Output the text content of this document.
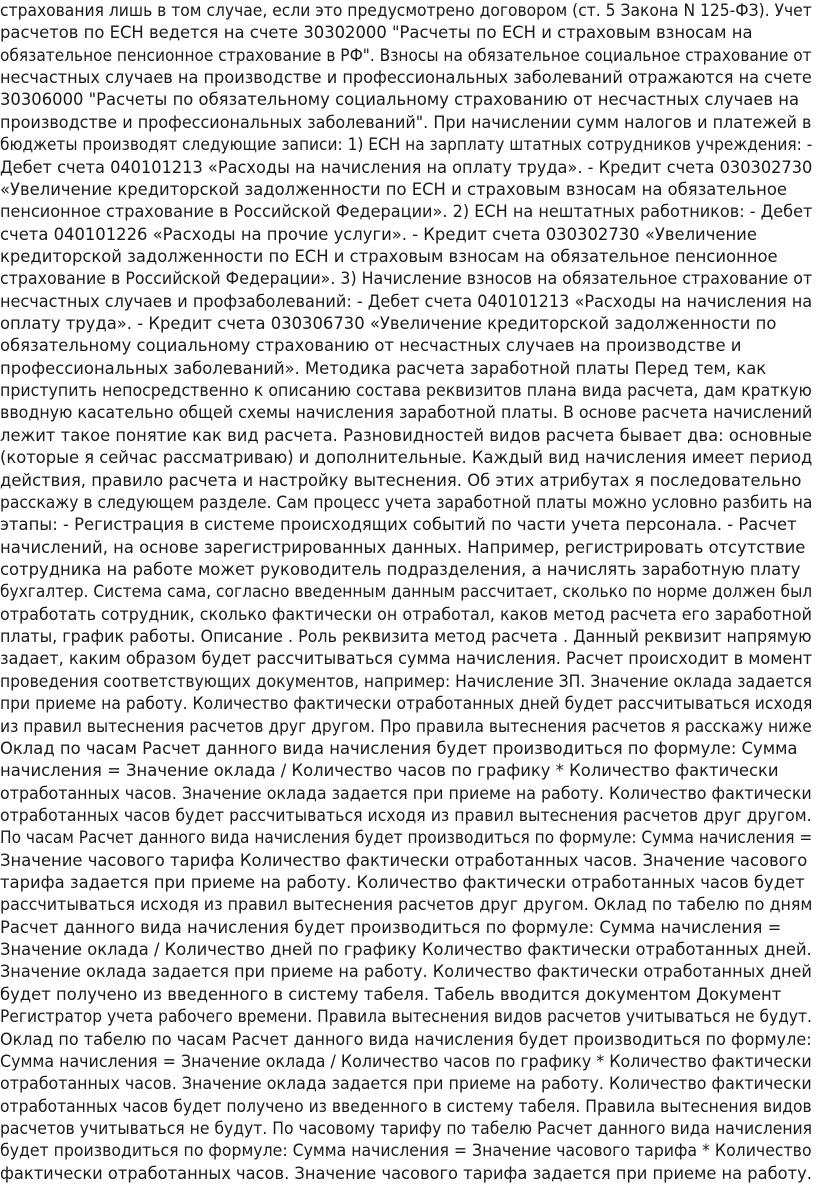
страхования лишь в том случае, если это предусмотрено договором (ст. 5 Закона N 125-ФЗ). Учет
расчетов по ЕСН ведется на счете 30302000 "Расчеты по ЕСН и страховым взносам на
обязательное пенсионное страхование в РФ". Взносы на обязательное социальное страхование от
несчастных случаев на производстве и профессиональных заболеваний отражаются на счете
30306000 "Расчеты по обязательному социальному страхованию от несчастных случаев на
производстве и профессиональных заболеваний". При начислении сумм налогов и платежей в
бюджеты производят следующие записи: 1) ЕСН на зарплату штатных сотрудников учреждения: -
Дебет счета 040101213 «Расходы на начисления на оплату труда». - Кредит счета 030302730
«Увеличение кредиторской задолженности по ЕСН и страховым взносам на обязательное
пенсионное страхование в Российской Федерации». 2) ЕСН на нештатных работников: - Дебет
счета 040101226 «Расходы на прочие услуги». - Кредит счета 030302730 «Увеличение
кредиторской задолженности по ЕСН и страховым взносам на обязательное пенсионное
страхование в Российской Федерации». 3) Начисление взносов на обязательное страхование от
несчастных случаев и профзаболеваний: - Дебет счета 040101213 «Расходы на начисления на
оплату труда». - Кредит счета 030306730 «Увеличение кредиторской задолженности по
обязательному социальному страхованию от несчастных случаев на производстве и
профессиональных заболеваний». Методика расчета заработной платы Перед тем, как
приступить непосредственно к описанию состава реквизитов плана вида расчета, дам краткую
вводную касательно общей схемы начисления заработной платы. В основе расчета начислений
лежит такое понятие как вид расчета. Разновидностей видов расчета бывает два: основные
(которые я сейчас рассматриваю) и дополнительные. Каждый вид начисления имеет период
действия, правило расчета и настройку вытеснения. Об этих атрибутах я последовательно
расскажу в следующем разделе. Сам процесс учета заработной платы можно условно разбить на
этапы: - Регистрация в системе происходящих событий по части учета персонала. - Расчет
начислений, на основе зарегистрированных данных. Например, регистрировать отсутствие
сотрудника на работе может руководитель подразделения, а начислять заработную плату
бухгалтер. Система сама, согласно введенным данным рассчитает, сколько по норме должен был
отработать сотрудник, сколько фактически он отработал, каков метод расчета его заработной
платы, график работы. Описание . Роль реквизита метод расчета . Данный реквизит напрямую
задает, каким образом будет рассчитываться сумма начисления. Расчет происходит в момент
проведения соответствующих документов, например: Начисление ЗП. Значение оклада задается
при приеме на работу. Количество фактически отработанных дней будет рассчитываться исходя
из правил вытеснения расчетов друг другом. Про правила вытеснения расчетов я расскажу ниже
Оклад по часам Расчет данного вида начисления будет производиться по формуле: Сумма
начисления = Значение оклада / Количество часов по графику * Количество фактически
отработанных часов. Значение оклада задается при приеме на работу. Количество фактически
отработанных часов будет рассчитываться исходя из правил вытеснения расчетов друг другом.
По часам Расчет данного вида начисления будет производиться по формуле: Сумма начисления =
Значение часового тарифа Количество фактически отработанных часов. Значение часового
тарифа задается при приеме на работу. Количество фактически отработанных часов будет
рассчитываться исходя из правил вытеснения расчетов друг другом. Оклад по табелю по дням
Расчет данного вида начисления будет производиться по формуле: Сумма начисления =
Значение оклада / Количество дней по графику Количество фактически отработанных дней.
Значение оклада задается при приеме на работу. Количество фактически отработанных дней
будет получено из введенного в систему табеля. Табель вводится документом Документ
Регистратор учета рабочего времени. Правила вытеснения видов расчетов учитываться не будут.
Оклад по табелю по часам Расчет данного вида начисления будет производиться по формуле:
Сумма начисления = Значение оклада / Количество часов по графику * Количество фактически
отработанных часов. Значение оклада задается при приеме на работу. Количество фактически
отработанных часов будет получено из введенного в систему табеля. Правила вытеснения видов
расчетов учитываться не будут. По часовому тарифу по табелю Расчет данного вида начисления
будет производиться по формуле: Сумма начисления = Значение часового тарифа * Количество
фактически отработанных часов. Значение часового тарифа задается при приеме на работу.
